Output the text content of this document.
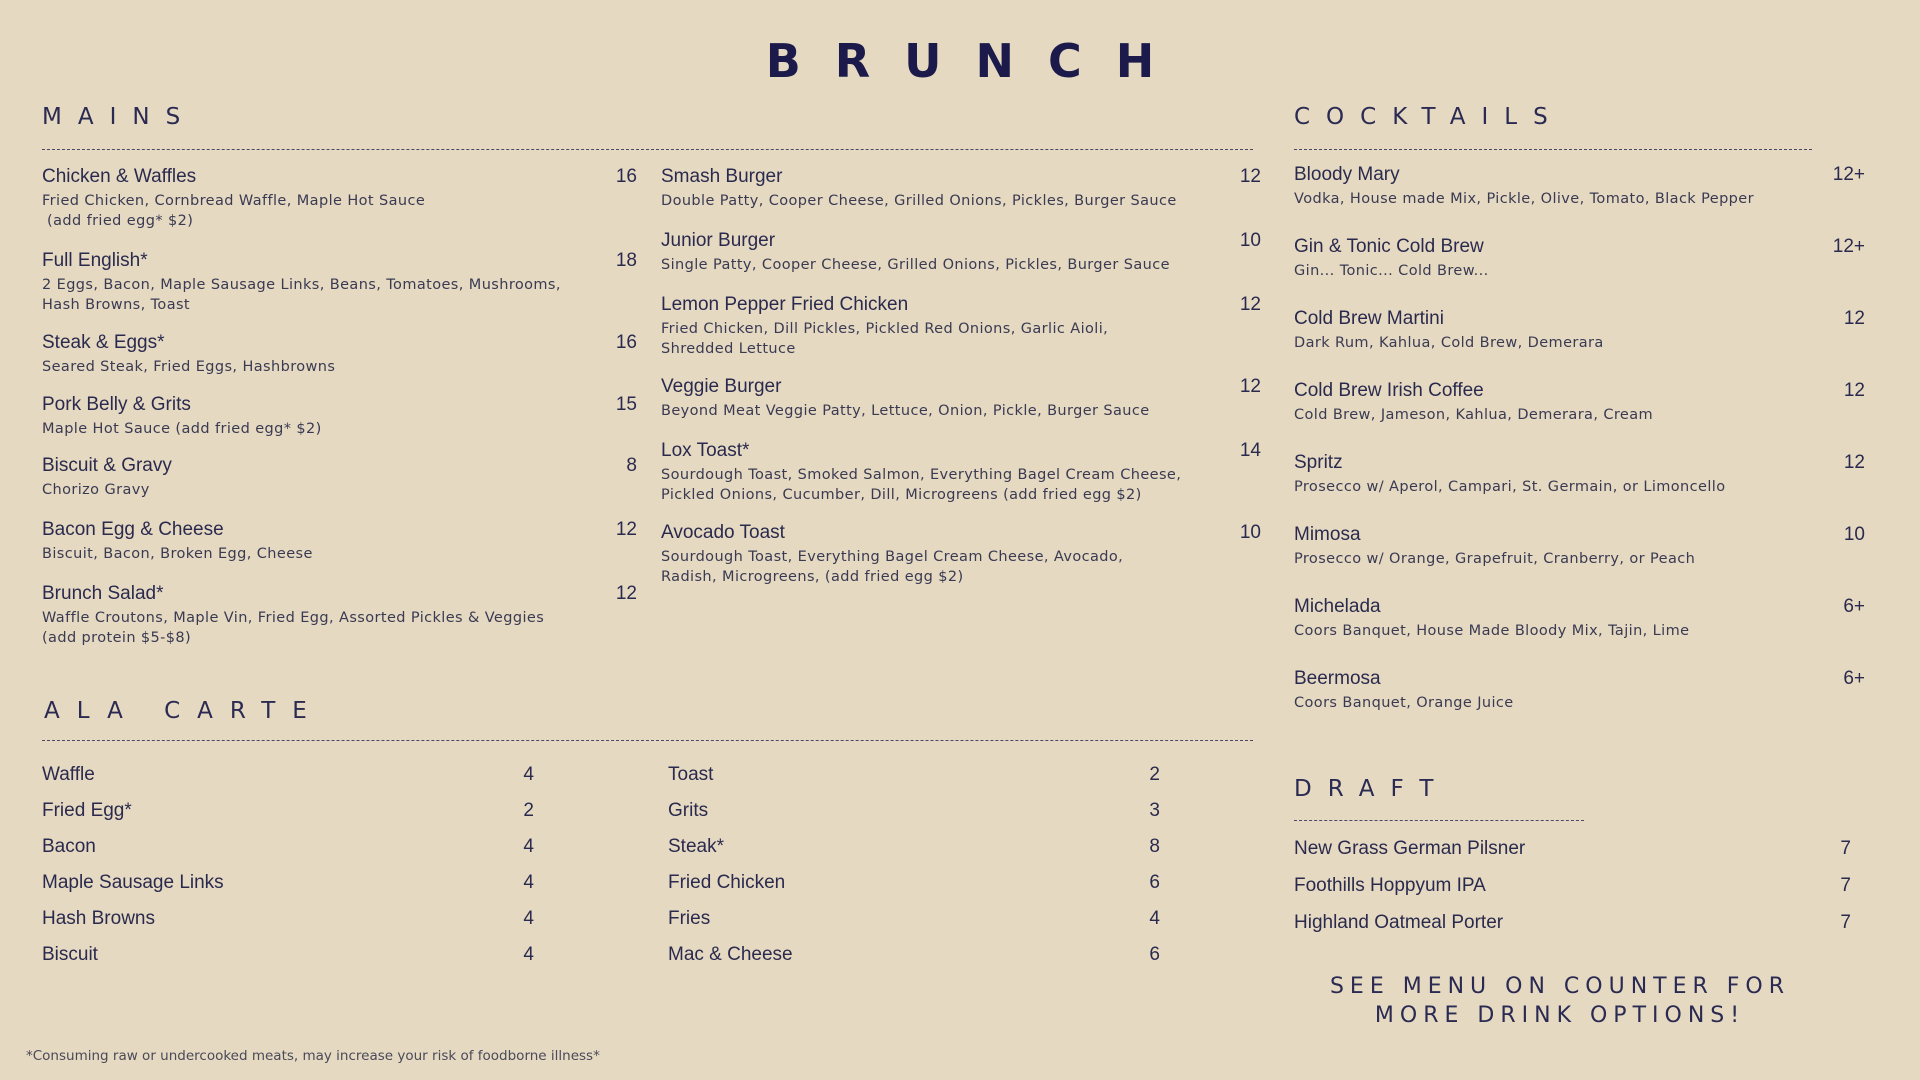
BRUNCH
MAINS
Chicken & Waffles	16
Fried Chicken, Cornbread Waffle, Maple Hot Sauce
(add fried egg* $2)
Full English*	18
2 Eggs, Bacon, Maple Sausage Links, Beans, Tomatoes, Mushrooms,
Hash Browns, Toast
Steak & Eggs*	16
Seared Steak, Fried Eggs, Hashbrowns
Pork Belly & Grits	15
Maple Hot Sauce (add fried egg* $2)
Biscuit & Gravy	8
Chorizo Gravy
Bacon Egg & Cheese	12
Biscuit, Bacon, Broken Egg, Cheese
Brunch Salad*	12
Waffle Croutons, Maple Vin, Fried Egg, Assorted Pickles & Veggies
(add protein $5-$8)
Smash Burger	12
Double Patty, Cooper Cheese, Grilled Onions, Pickles, Burger Sauce
Junior Burger	10
Single Patty, Cooper Cheese, Grilled Onions, Pickles, Burger Sauce
Lemon Pepper Fried Chicken	12
Fried Chicken, Dill Pickles, Pickled Red Onions, Garlic Aioli,
Shredded Lettuce
Veggie Burger	12
Beyond Meat Veggie Patty, Lettuce, Onion, Pickle, Burger Sauce
Lox Toast*	14
Sourdough Toast, Smoked Salmon, Everything Bagel Cream Cheese,
Pickled Onions, Cucumber, Dill, Microgreens (add fried egg $2)
Avocado Toast	10
Sourdough Toast, Everything Bagel Cream Cheese, Avocado,
Radish, Microgreens, (add fried egg $2)
ALA CARTE
Waffle	4
Fried Egg*	2
Bacon	4
Maple Sausage Links	4
Hash Browns	4
Biscuit	4
Toast	2
Grits	3
Steak*	8
Fried Chicken	6
Fries	4
Mac & Cheese	6
COCKTAILS
Bloody Mary	12+
Vodka, House made Mix, Pickle, Olive, Tomato, Black Pepper
Gin & Tonic Cold Brew	12+
Gin... Tonic... Cold Brew...
Cold Brew Martini	12
Dark Rum, Kahlua, Cold Brew, Demerara
Cold Brew Irish Coffee	12
Cold Brew, Jameson, Kahlua, Demerara, Cream
Spritz	12
Prosecco w/ Aperol, Campari, St. Germain, or Limoncello
Mimosa	10
Prosecco w/ Orange, Grapefruit, Cranberry, or Peach
Michelada	6+
Coors Banquet, House Made Bloody Mix, Tajin, Lime
Beermosa	6+
Coors Banquet, Orange Juice
DRAFT
New Grass German Pilsner	7
Foothills Hoppyum IPA	7
Highland Oatmeal Porter	7
SEE MENU ON COUNTER FOR
MORE DRINK OPTIONS!
*Consuming raw or undercooked meats, may increase your risk of foodborne illness*
